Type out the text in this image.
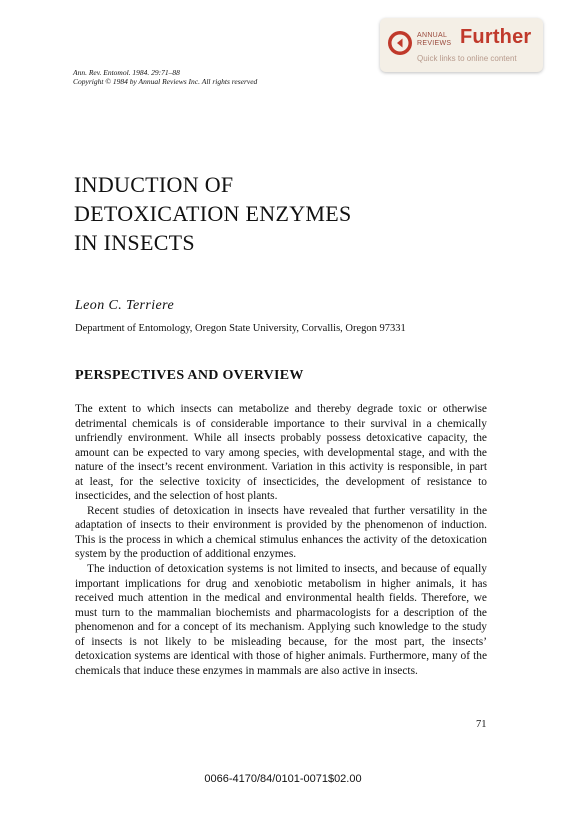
ANNUAL
REVIEWS Further
Quick links to online content
Ann. Rev. Entomol. 1984. 29:71–88
Copyright © 1984 by Annual Reviews Inc. All rights reserved
INDUCTION OF
DETOXICATION ENZYMES
IN INSECTS
Leon C. Terriere
Department of Entomology, Oregon State University, Corvallis, Oregon 97331
PERSPECTIVES AND OVERVIEW

The extent to which insects can metabolize and thereby degrade toxic or otherwise detrimental chemicals is of considerable importance to their survival in a chemically unfriendly environment. While all insects probably possess detoxicative capacity, the amount can be expected to vary among species, with developmental stage, and with the nature of the insect’s recent environment. Variation in this activity is responsible, in part at least, for the selective toxicity of insecticides, the development of resistance to insecticides, and the selection of host plants.

Recent studies of detoxication in insects have revealed that further versatility in the adaptation of insects to their environment is provided by the phenomenon of induction. This is the process in which a chemical stimulus enhances the activity of the detoxication system by the production of additional enzymes.

The induction of detoxication systems is not limited to insects, and because of equally important implications for drug and xenobiotic metabolism in higher animals, it has received much attention in the medical and environmental health fields. Therefore, we must turn to the mammalian biochemists and pharmacologists for a description of the phenomenon and for a concept of its mechanism. Applying such knowledge to the study of insects is not likely to be misleading because, for the most part, the insects’ detoxication systems are identical with those of higher animals. Furthermore, many of the chemicals that induce these enzymes in mammals are also active in insects.

71
0066-4170/84/0101-0071$02.00
